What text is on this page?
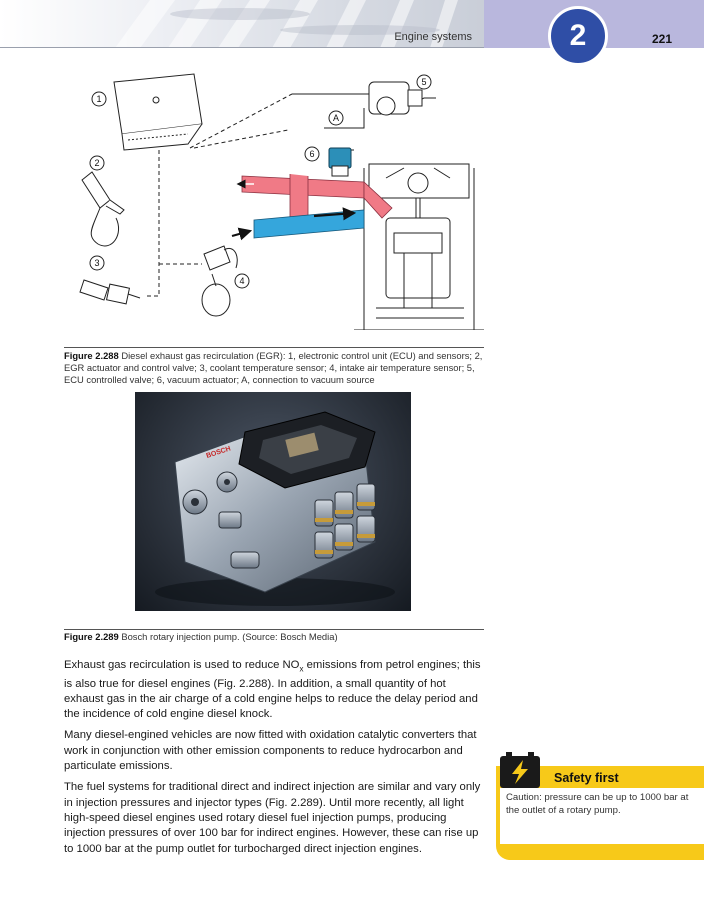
Engine systems	2	221
1
2
3
4
5
6
A
Figure 2.288 Diesel exhaust gas recirculation (EGR): 1, electronic control unit (ECU) and sensors; 2, EGR actuator and control valve; 3, coolant temperature sensor; 4, intake air temperature sensor; 5, ECU controlled valve; 6, vacuum actuator; A, connection to vacuum source
BOSCH
Figure 2.289 Bosch rotary injection pump. (Source: Bosch Media)

Exhaust gas recirculation is used to reduce $NO_x$ emissions from petrol engines; this is also true for diesel engines (Fig. 2.288). In addition, a small quantity of hot exhaust gas in the air charge of a cold engine helps to reduce the delay period and the incidence of cold engine diesel knock.

Many diesel-engined vehicles are now fitted with oxidation catalytic converters that work in conjunction with other emission components to reduce hydrocarbon and particulate emissions.

The fuel systems for traditional direct and indirect injection are similar and vary only in injection pressures and injector types (Fig. 2.289). Until more recently, all light high-speed diesel engines used rotary diesel fuel injection pumps, producing injection pressures of over 100 bar for indirect engines. However, these can rise up to 1000 bar at the pump outlet for turbocharged direct injection engines.

Safety first
Caution: pressure can be up to 1000 bar at the outlet of a rotary pump.
